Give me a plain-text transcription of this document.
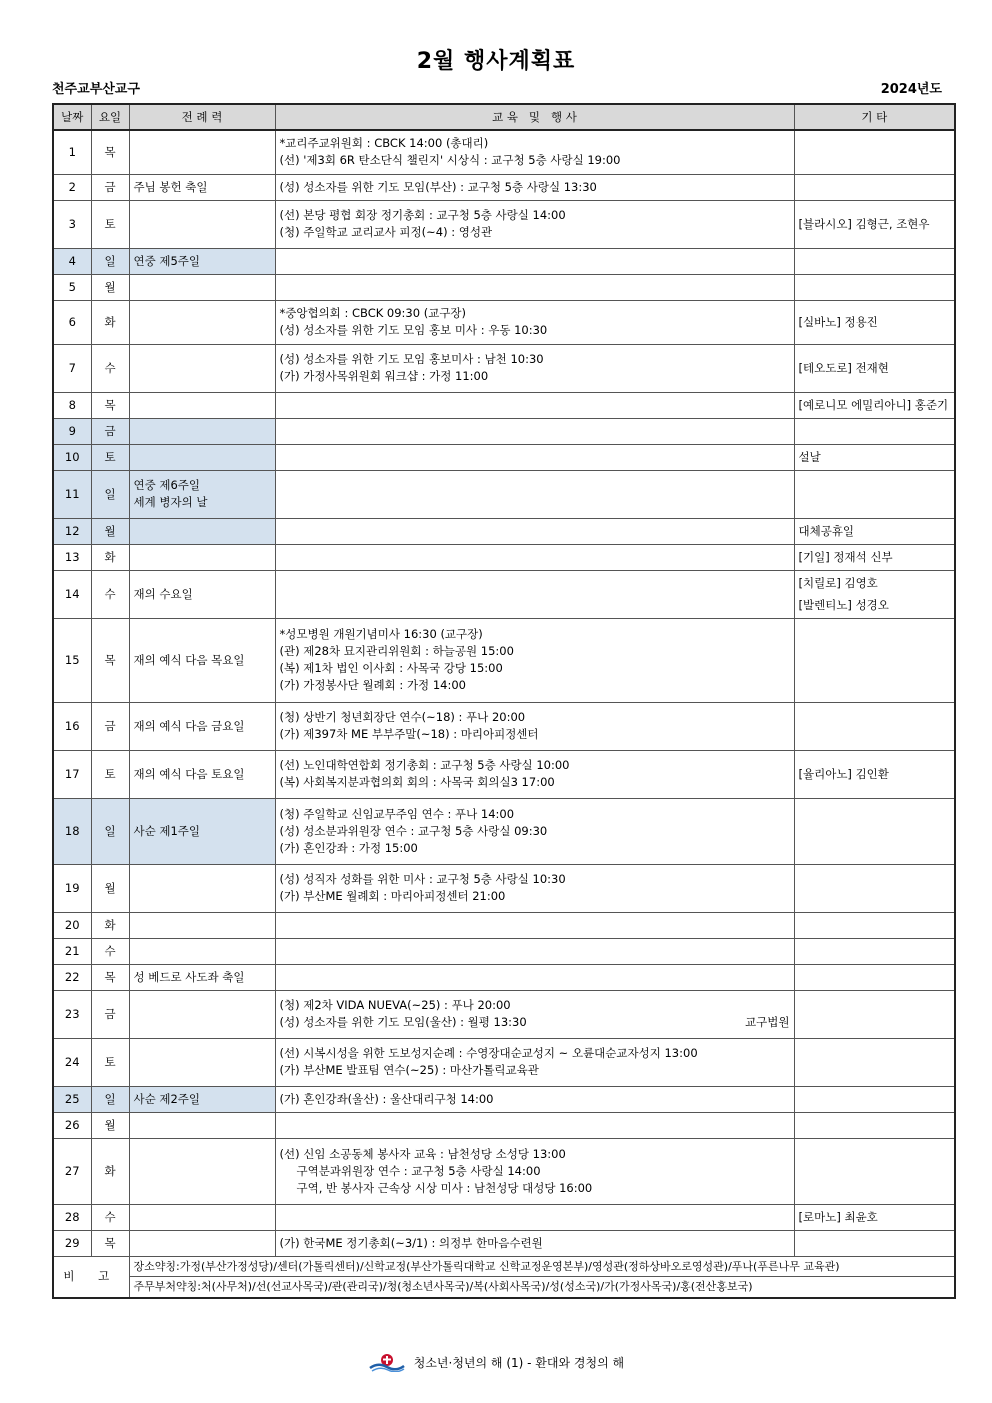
2월 행사계획표
천주교부산교구	2024년도
날짜	요일	전 례 력	교 육   및   행 사	기 타
1	목		*교리주교위원회 : CBCK 14:00 (총대리)
(선) '제3회 6R 탄소단식 챌린지' 시상식 : 교구청 5층 사랑실 19:00	

2	금	주님 봉헌 축일	(성) 성소자를 위한 기도 모임(부산) : 교구청 5층 사랑실 13:30	

3	토		(선) 본당 평협 회장 정기총회 : 교구청 5층 사랑실 14:00
(청) 주일학교 교리교사 피정(~4) : 영성관	[블라시오] 김형근, 조현우

4	일	연중 제5주일		
5	월			
6	화		*중앙협의회 : CBCK 09:30 (교구장)
(성) 성소자를 위한 기도 모임 홍보 미사 : 우동 10:30	[실바노] 정용진

7	수		(성) 성소자를 위한 기도 모임 홍보미사 : 남천 10:30
(가) 가정사목위원회 워크샵 : 가정 11:00	[테오도로] 전재현

8	목			[예로니모 에밀리아니] 홍준기

9	금			
10	토			설날

11	일	연중 제6주일
세계 병자의 날		
12	월			대체공휴일

13	화			[기일] 정재석 신부

14	수	재의 수요일		[치릴로] 김영호
[발렌티노] 성경오

15	목	재의 예식 다음 목요일	*성모병원 개원기념미사 16:30 (교구장)
(관) 제28차 묘지관리위원회 : 하늘공원 15:00
(복) 제1차 법인 이사회 : 사목국 강당 15:00
(가) 가정봉사단 월례회 : 가정 14:00	

16	금	재의 예식 다음 금요일	(청) 상반기 청년회장단 연수(~18) : 푸나 20:00
(가) 제397차 ME 부부주말(~18) : 마리아피정센터	

17	토	재의 예식 다음 토요일	(선) 노인대학연합회 정기총회 : 교구청 5층 사랑실 10:00
(복) 사회복지분과협의회 회의 : 사목국 회의실3 17:00	[율리아노] 김인환

18	일	사순 제1주일	(청) 주일학교 신임교무주임 연수 : 푸나 14:00
(성) 성소분과위원장 연수 : 교구청 5층 사랑실 09:30
(가) 혼인강좌 : 가정 15:00	

19	월		(성) 성직자 성화를 위한 미사 : 교구청 5층 사랑실 10:30
(가) 부산ME 월례회 : 마리아피정센터 21:00	

20	화			
21	수			
22	목	성 베드로 사도좌 축일		
23	금		(청) 제2차 VIDA NUEVA(~25) : 푸나 20:00
교구법원
(성) 성소자를 위한 기도 모임(울산) : 월평 13:30	

24	토		(선) 시복시성을 위한 도보성지순례 : 수영장대순교성지 ~ 오륜대순교자성지 13:00
(가) 부산ME 발표팀 연수(~25) : 마산가톨릭교육관	

25	일	사순 제2주일	(가) 혼인강좌(울산) : 울산대리구청 14:00	

26	월			
27	화		(선) 신임 소공동체 봉사자 교육 : 남천성당 소성당 13:00
구역분과위원장 연수 : 교구청 5층 사랑실 14:00
구역, 반 봉사자 근속상 시상 미사 : 남천성당 대성당 16:00	

28	수			[로마노] 최윤호

29	목		(가) 한국ME 정기총회(~3/1) : 의정부 한마음수련원	

비 고		장소약칭:가정(부산가정성당)/센터(가톨릭센터)/신학교정(부산가톨릭대학교 신학교정운영본부)/영성관(정하상바오로영성관)/푸나(푸른나무 교육관)		
		주무부처약칭:처(사무처)/선(선교사목국)/관(관리국)/청(청소년사목국)/복(사회사목국)/성(성소국)/가(가정사목국)/홍(전산홍보국)		
청소년·청년의 해 (1) - 환대와 경청의 해
